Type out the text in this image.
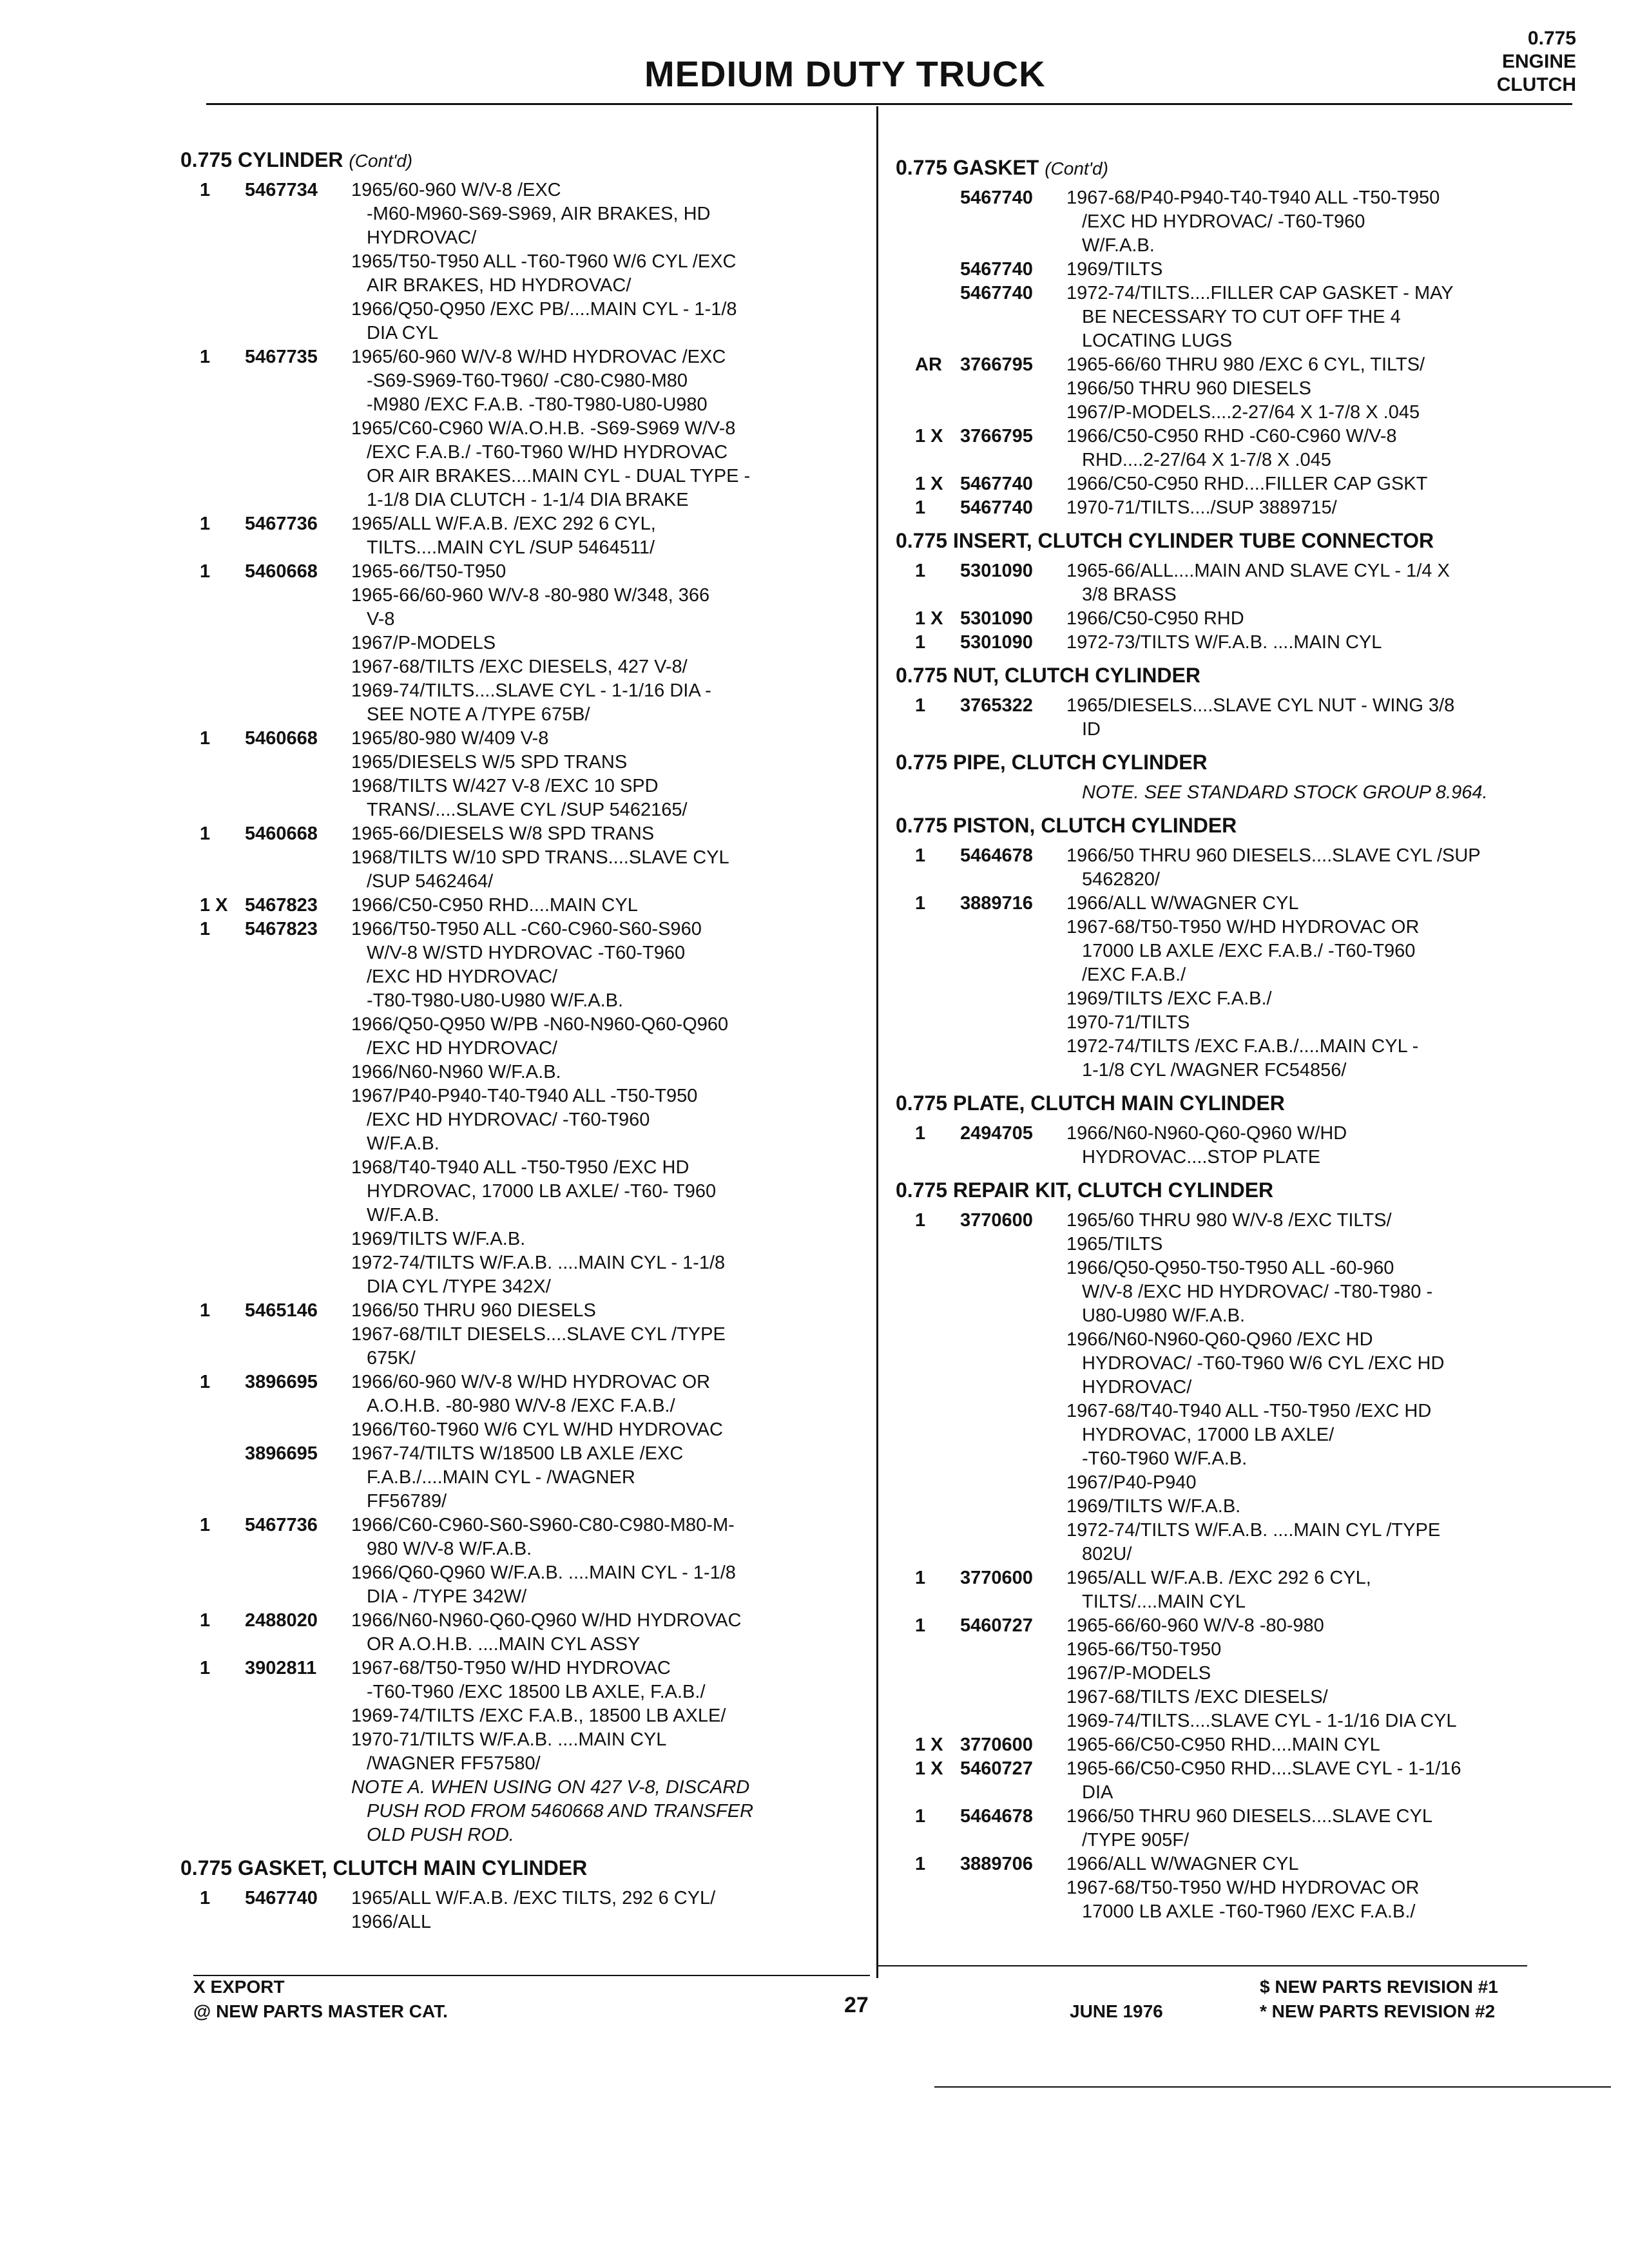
MEDIUM DUTY TRUCK
0.775
ENGINE
CLUTCH
0.775 CYLINDER (Cont'd)
1	5467734	1965/60-960 W/V-8 /EXC
-M60-M960-S69-S969, AIR BRAKES, HD
HYDROVAC/
1965/T50-T950 ALL -T60-T960 W/6 CYL /EXC
AIR BRAKES, HD HYDROVAC/
1966/Q50-Q950 /EXC PB/....MAIN CYL - 1-1/8
DIA CYL
1	5467735	1965/60-960 W/V-8 W/HD HYDROVAC /EXC
-S69-S969-T60-T960/ -C80-C980-M80
-M980 /EXC F.A.B. -T80-T980-U80-U980
1965/C60-C960 W/A.O.H.B. -S69-S969 W/V-8
/EXC F.A.B./ -T60-T960 W/HD HYDROVAC
OR AIR BRAKES....MAIN CYL - DUAL TYPE -
1-1/8 DIA CLUTCH - 1-1/4 DIA BRAKE
1	5467736	1965/ALL W/F.A.B. /EXC 292 6 CYL,
TILTS....MAIN CYL /SUP 5464511/
1	5460668	1965-66/T50-T950
1965-66/60-960 W/V-8 -80-980 W/348, 366
V-8
1967/P-MODELS
1967-68/TILTS /EXC DIESELS, 427 V-8/
1969-74/TILTS....SLAVE CYL - 1-1/16 DIA -
SEE NOTE A /TYPE 675B/
1	5460668	1965/80-980 W/409 V-8
1965/DIESELS W/5 SPD TRANS
1968/TILTS W/427 V-8 /EXC 10 SPD
TRANS/....SLAVE CYL /SUP 5462165/
1	5460668	1965-66/DIESELS W/8 SPD TRANS
1968/TILTS W/10 SPD TRANS....SLAVE CYL
/SUP 5462464/
1 X 5467823	1966/C50-C950 RHD....MAIN CYL
1	5467823	1966/T50-T950 ALL -C60-C960-S60-S960
W/V-8 W/STD HYDROVAC -T60-T960
/EXC HD HYDROVAC/
-T80-T980-U80-U980 W/F.A.B.
1966/Q50-Q950 W/PB -N60-N960-Q60-Q960
/EXC HD HYDROVAC/
1966/N60-N960 W/F.A.B.
1967/P40-P940-T40-T940 ALL -T50-T950
/EXC HD HYDROVAC/ -T60-T960
W/F.A.B.
1968/T40-T940 ALL -T50-T950 /EXC HD
HYDROVAC, 17000 LB AXLE/ -T60- T960
W/F.A.B.
1969/TILTS W/F.A.B.
1972-74/TILTS W/F.A.B. ....MAIN CYL - 1-1/8
DIA CYL /TYPE 342X/
1	5465146	1966/50 THRU 960 DIESELS
1967-68/TILT DIESELS....SLAVE CYL /TYPE
675K/
1	3896695	1966/60-960 W/V-8 W/HD HYDROVAC OR
A.O.H.B. -80-980 W/V-8 /EXC F.A.B./
1966/T60-T960 W/6 CYL W/HD HYDROVAC
3896695	1967-74/TILTS W/18500 LB AXLE /EXC
F.A.B./....MAIN CYL - /WAGNER
FF56789/
1	5467736	1966/C60-C960-S60-S960-C80-C980-M80-M-
980 W/V-8 W/F.A.B.
1966/Q60-Q960 W/F.A.B. ....MAIN CYL - 1-1/8
DIA - /TYPE 342W/
1	2488020	1966/N60-N960-Q60-Q960 W/HD HYDROVAC
OR A.O.H.B. ....MAIN CYL ASSY
1	3902811	1967-68/T50-T950 W/HD HYDROVAC
-T60-T960 /EXC 18500 LB AXLE, F.A.B./
1969-74/TILTS /EXC F.A.B., 18500 LB AXLE/
1970-71/TILTS W/F.A.B. ....MAIN CYL
/WAGNER FF57580/
NOTE A. WHEN USING ON 427 V-8, DISCARD
PUSH ROD FROM 5460668 AND TRANSFER
OLD PUSH ROD.
0.775 GASKET, CLUTCH MAIN CYLINDER
1	5467740	1965/ALL W/F.A.B. /EXC TILTS, 292 6 CYL/
1966/ALL
0.775 GASKET (Cont'd)
5467740	1967-68/P40-P940-T40-T940 ALL -T50-T950
/EXC HD HYDROVAC/ -T60-T960
W/F.A.B.
5467740	1969/TILTS
5467740	1972-74/TILTS....FILLER CAP GASKET - MAY
BE NECESSARY TO CUT OFF THE 4
LOCATING LUGS
AR 3766795	1965-66/60 THRU 980 /EXC 6 CYL, TILTS/
1966/50 THRU 960 DIESELS
1967/P-MODELS....2-27/64 X 1-7/8 X .045
1 X 3766795	1966/C50-C950 RHD -C60-C960 W/V-8
RHD....2-27/64 X 1-7/8 X .045
1 X 5467740	1966/C50-C950 RHD....FILLER CAP GSKT
1	5467740	1970-71/TILTS..../SUP 3889715/
0.775 INSERT, CLUTCH CYLINDER TUBE CONNECTOR
1	5301090	1965-66/ALL....MAIN AND SLAVE CYL - 1/4 X
3/8 BRASS
1 X 5301090	1966/C50-C950 RHD
1	5301090	1972-73/TILTS W/F.A.B. ....MAIN CYL
0.775 NUT, CLUTCH CYLINDER
1	3765322	1965/DIESELS....SLAVE CYL NUT - WING 3/8
ID
0.775 PIPE, CLUTCH CYLINDER
NOTE. SEE STANDARD STOCK GROUP 8.964.
0.775 PISTON, CLUTCH CYLINDER
1	5464678	1966/50 THRU 960 DIESELS....SLAVE CYL /SUP
5462820/
1	3889716	1966/ALL W/WAGNER CYL
1967-68/T50-T950 W/HD HYDROVAC OR
17000 LB AXLE /EXC F.A.B./ -T60-T960
/EXC F.A.B./
1969/TILTS /EXC F.A.B./
1970-71/TILTS
1972-74/TILTS /EXC F.A.B./....MAIN CYL -
1-1/8 CYL /WAGNER FC54856/
0.775 PLATE, CLUTCH MAIN CYLINDER
1	2494705	1966/N60-N960-Q60-Q960 W/HD
HYDROVAC....STOP PLATE
0.775 REPAIR KIT, CLUTCH CYLINDER
1	3770600	1965/60 THRU 980 W/V-8 /EXC TILTS/
1965/TILTS
1966/Q50-Q950-T50-T950 ALL -60-960
W/V-8 /EXC HD HYDROVAC/ -T80-T980 -
U80-U980 W/F.A.B.
1966/N60-N960-Q60-Q960 /EXC HD
HYDROVAC/ -T60-T960 W/6 CYL /EXC HD
HYDROVAC/
1967-68/T40-T940 ALL -T50-T950 /EXC HD
HYDROVAC, 17000 LB AXLE/
-T60-T960 W/F.A.B.
1967/P40-P940
1969/TILTS W/F.A.B.
1972-74/TILTS W/F.A.B. ....MAIN CYL /TYPE
802U/
1	3770600	1965/ALL W/F.A.B. /EXC 292 6 CYL,
TILTS/....MAIN CYL
1	5460727	1965-66/60-960 W/V-8 -80-980
1965-66/T50-T950
1967/P-MODELS
1967-68/TILTS /EXC DIESELS/
1969-74/TILTS....SLAVE CYL - 1-1/16 DIA CYL
1 X 3770600	1965-66/C50-C950 RHD....MAIN CYL
1 X 5460727	1965-66/C50-C950 RHD....SLAVE CYL - 1-1/16
DIA
1	5464678	1966/50 THRU 960 DIESELS....SLAVE CYL
/TYPE 905F/
1	3889706	1966/ALL W/WAGNER CYL
1967-68/T50-T950 W/HD HYDROVAC OR
17000 LB AXLE -T60-T960 /EXC F.A.B./
X EXPORT
@ NEW PARTS MASTER CAT.	27	JUNE 1976
$ NEW PARTS REVISION #1
* NEW PARTS REVISION #2
